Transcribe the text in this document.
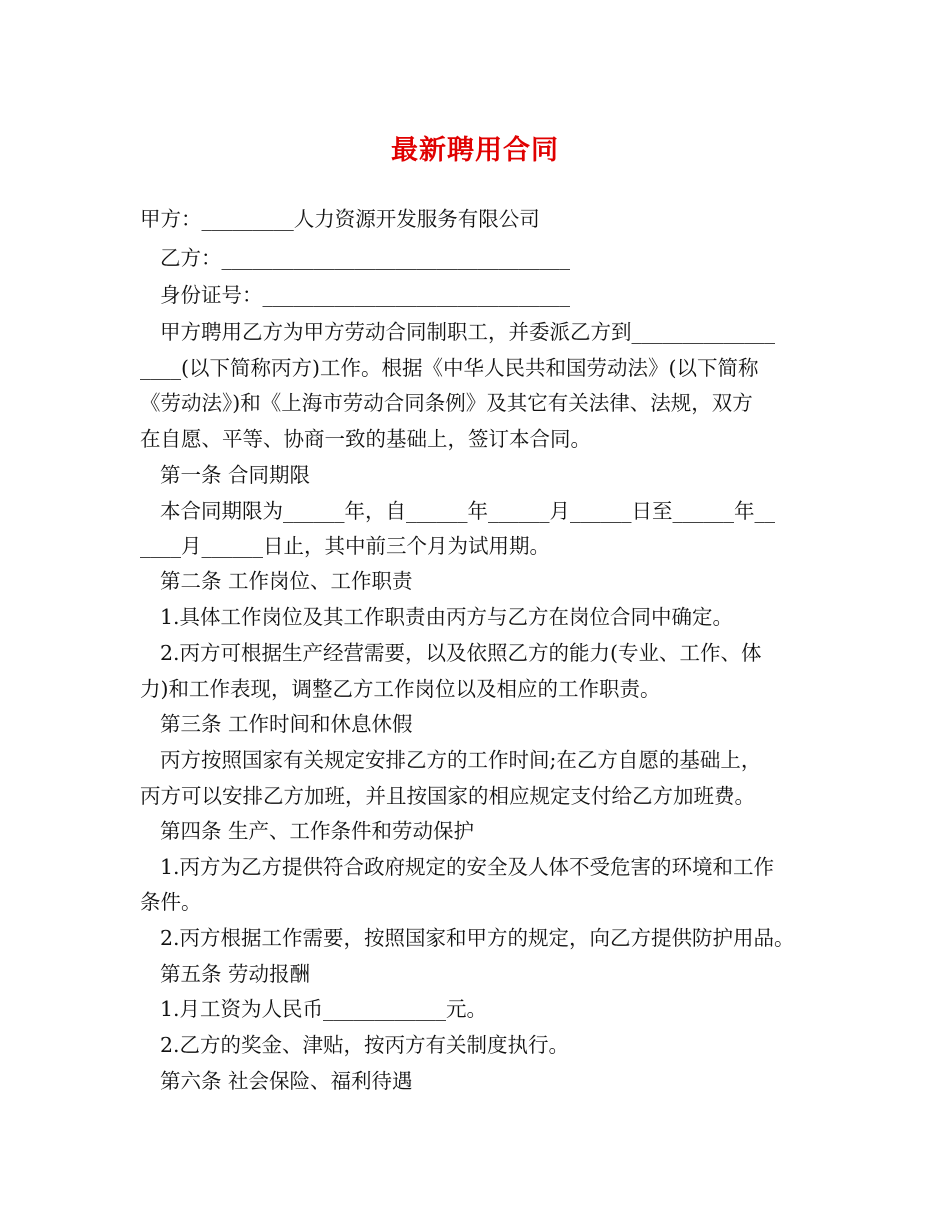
最新聘用合同
甲方：_________人力资源开发服务有限公司
乙方：__________________________________
身份证号：______________________________
甲方聘用乙方为甲方劳动合同制职工，并委派乙方到______________
____(以下简称丙方)工作。根据《中华人民共和国劳动法》(以下简称
《劳动法》)和《上海市劳动合同条例》及其它有关法律、法规，双方
在自愿、平等、协商一致的基础上，签订本合同。
第一条 合同期限
本合同期限为______年，自______年______月______日至______年__
____月______日止，其中前三个月为试用期。
第二条 工作岗位、工作职责
1.具体工作岗位及其工作职责由丙方与乙方在岗位合同中确定。
2.丙方可根据生产经营需要，以及依照乙方的能力(专业、工作、体
力)和工作表现，调整乙方工作岗位以及相应的工作职责。
第三条 工作时间和休息休假
丙方按照国家有关规定安排乙方的工作时间;在乙方自愿的基础上，
丙方可以安排乙方加班，并且按国家的相应规定支付给乙方加班费。
第四条 生产、工作条件和劳动保护
1.丙方为乙方提供符合政府规定的安全及人体不受危害的环境和工作
条件。
2.丙方根据工作需要，按照国家和甲方的规定，向乙方提供防护用品。
第五条 劳动报酬
1.月工资为人民币____________元。
2.乙方的奖金、津贴，按丙方有关制度执行。
第六条 社会保险、福利待遇
